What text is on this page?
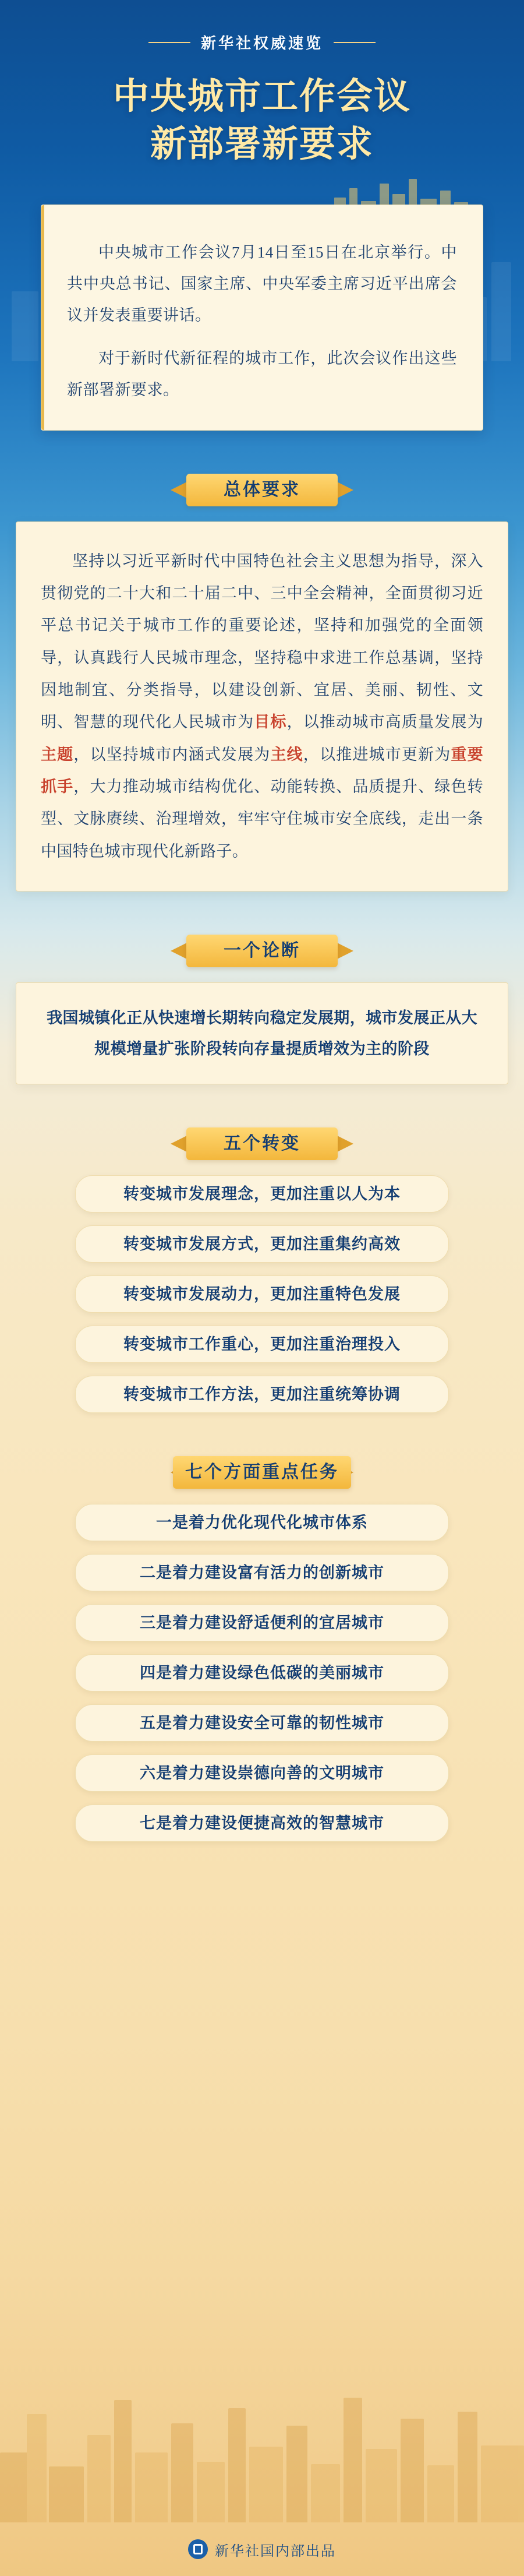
新华社权威速览
中央城市工作会议
新部署新要求

中央城市工作会议7月14日至15日在北京举行。中共中央总书记、国家主席、中央军委主席习近平出席会议并发表重要讲话。

对于新时代新征程的城市工作，此次会议作出这些新部署新要求。

总体要求

坚持以习近平新时代中国特色社会主义思想为指导，深入贯彻党的二十大和二十届二中、三中全会精神，全面贯彻习近平总书记关于城市工作的重要论述，坚持和加强党的全面领导，认真践行人民城市理念，坚持稳中求进工作总基调，坚持因地制宜、分类指导，以建设创新、宜居、美丽、韧性、文明、智慧的现代化人民城市为目标，以推动城市高质量发展为主题，以坚持城市内涵式发展为主线，以推进城市更新为重要抓手，大力推动城市结构优化、动能转换、品质提升、绿色转型、文脉赓续、治理增效，牢牢守住城市安全底线，走出一条中国特色城市现代化新路子。

一个论断

我国城镇化正从快速增长期转向稳定发展期，城市发展正从大规模增量扩张阶段转向存量提质增效为主的阶段

五个转变
转变城市发展理念，更加注重以人为本
转变城市发展方式，更加注重集约高效
转变城市发展动力，更加注重特色发展
转变城市工作重心，更加注重治理投入
转变城市工作方法，更加注重统筹协调
七个方面重点任务
一是着力优化现代化城市体系
二是着力建设富有活力的创新城市
三是着力建设舒适便利的宜居城市
四是着力建设绿色低碳的美丽城市
五是着力建设安全可靠的韧性城市
六是着力建设崇德向善的文明城市
七是着力建设便捷高效的智慧城市
新华社国内部出品
